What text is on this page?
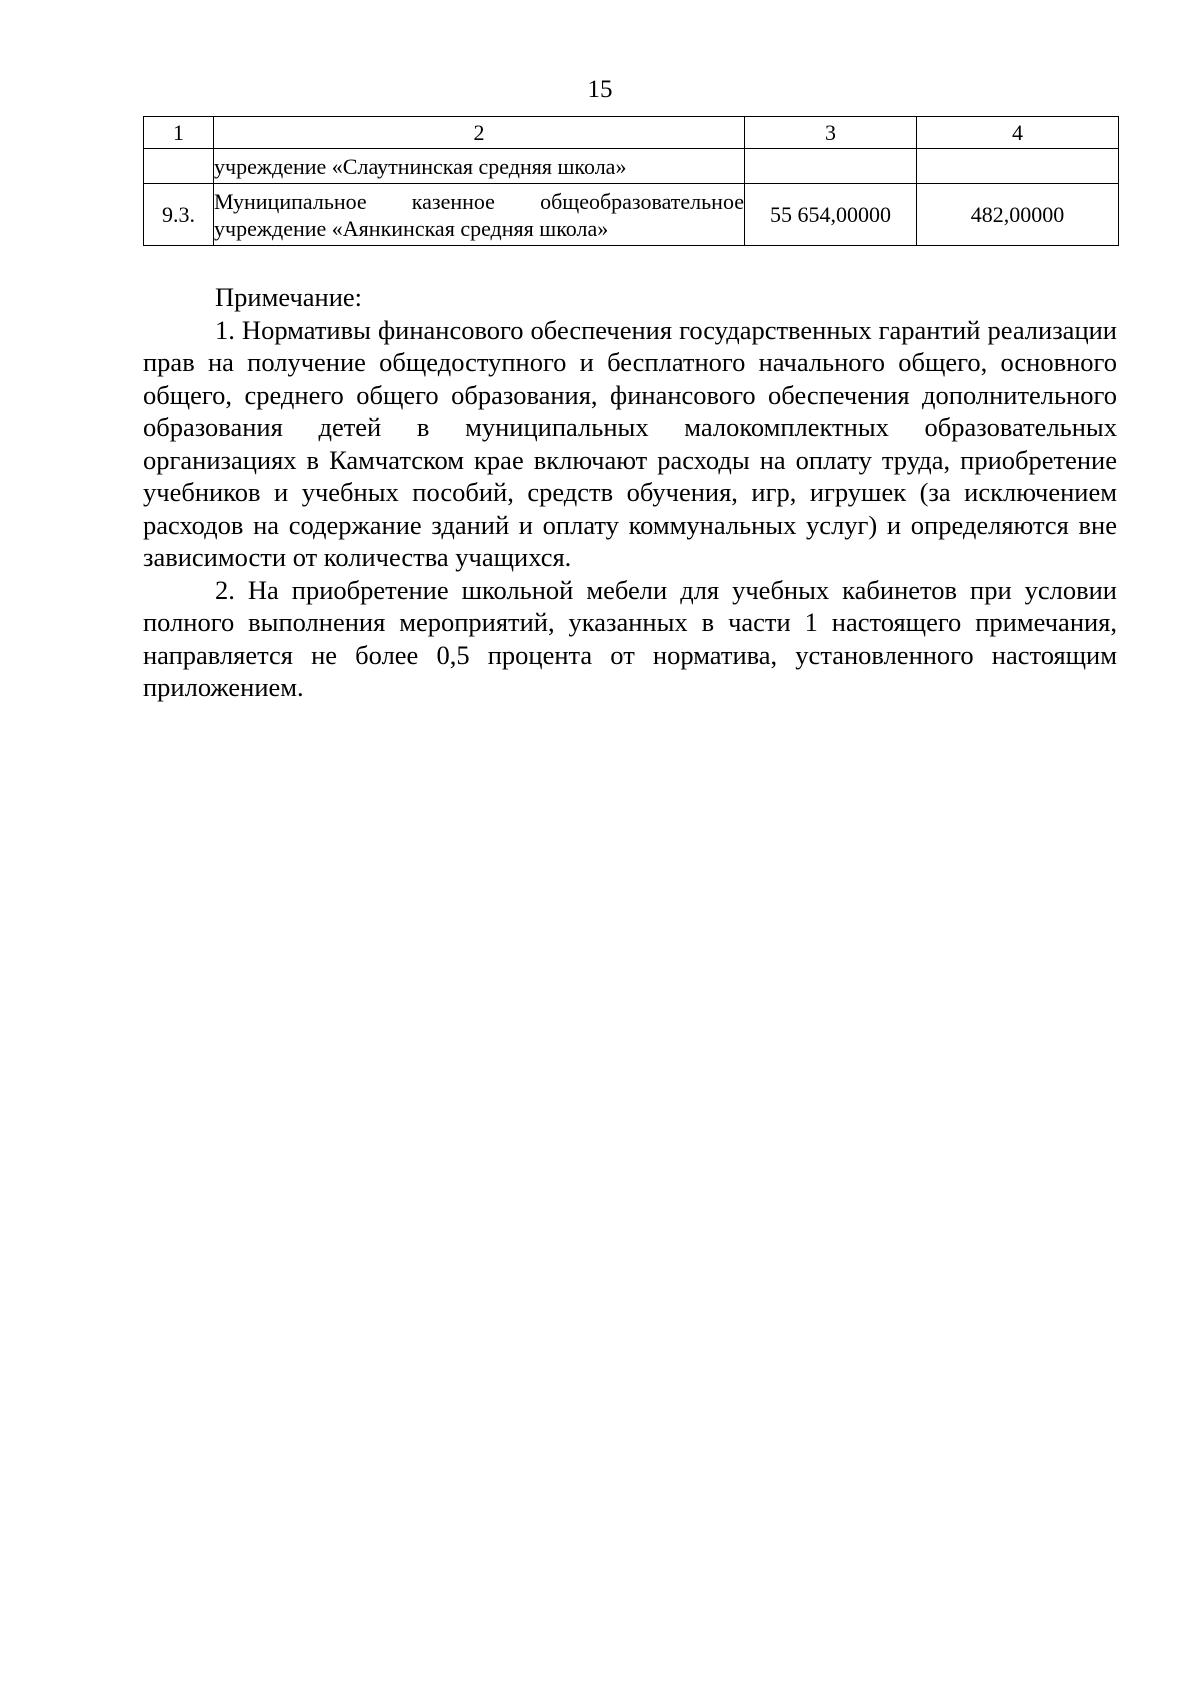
15
1	2	3	4
	учреждение «Слаутнинская средняя школа»		
9.3.	Муниципальное казенное общеобразовательное учреждение «Аянкинская средняя школа»	55 654,00000	482,00000

Примечание:

1. Нормативы финансового обеспечения государственных гарантий реализации прав на получение общедоступного и бесплатного начального общего, основного общего, среднего общего образования, финансового обеспечения дополнительного образования детей в муниципальных малокомплектных образовательных организациях в Камчатском крае включают расходы на оплату труда, приобретение учебников и учебных пособий, средств обучения, игр, игрушек (за исключением расходов на содержание зданий и оплату коммунальных услуг) и определяются вне зависимости от количества учащихся.

2. На приобретение школьной мебели для учебных кабинетов при условии полного выполнения мероприятий, указанных в части 1 настоящего примечания, направляется не более 0,5 процента от норматива, установленного настоящим приложением.
